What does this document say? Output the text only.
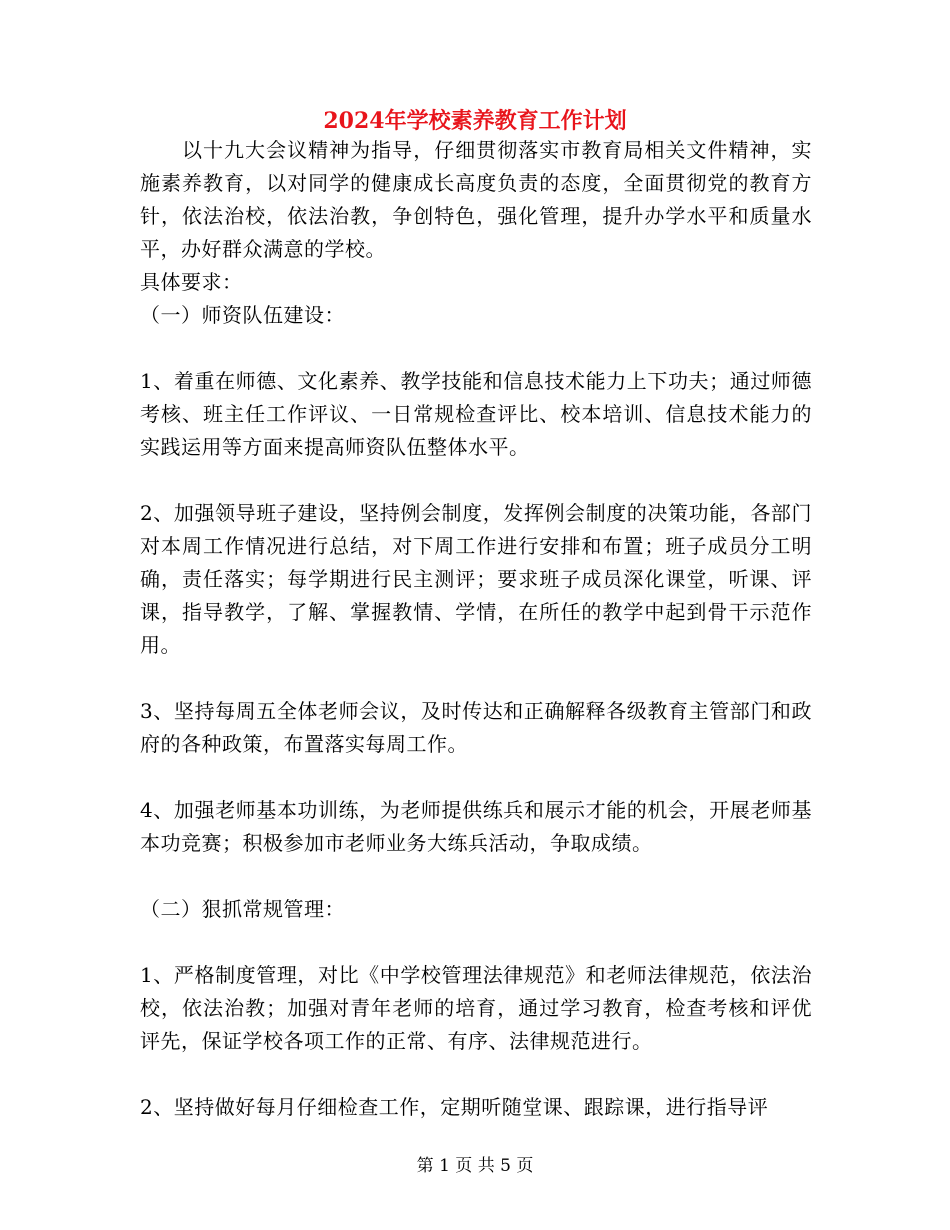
2024年学校素养教育工作计划

以十九大会议精神为指导，仔细贯彻落实市教育局相关文件精神，实施素养教育，以对同学的健康成长高度负责的态度，全面贯彻党的教育方针，依法治校，依法治教，争创特色，强化管理，提升办学水平和质量水平，办好群众满意的学校。

具体要求：

（一）师资队伍建设：

1、着重在师德、文化素养、教学技能和信息技术能力上下功夫；通过师德考核、班主任工作评议、一日常规检查评比、校本培训、信息技术能力的实践运用等方面来提高师资队伍整体水平。

2、加强领导班子建设，坚持例会制度，发挥例会制度的决策功能，各部门对本周工作情况进行总结，对下周工作进行安排和布置；班子成员分工明确，责任落实；每学期进行民主测评；要求班子成员深化课堂，听课、评课，指导教学，了解、掌握教情、学情，在所任的教学中起到骨干示范作用。

3、坚持每周五全体老师会议，及时传达和正确解释各级教育主管部门和政府的各种政策，布置落实每周工作。

4、加强老师基本功训练，为老师提供练兵和展示才能的机会，开展老师基本功竞赛；积极参加市老师业务大练兵活动，争取成绩。

（二）狠抓常规管理：

1、严格制度管理，对比《中学校管理法律规范》和老师法律规范，依法治校，依法治教；加强对青年老师的培育，通过学习教育，检查考核和评优评先，保证学校各项工作的正常、有序、法律规范进行。

2、坚持做好每月仔细检查工作，定期听随堂课、跟踪课，进行指导评

第 1 页 共 5 页
